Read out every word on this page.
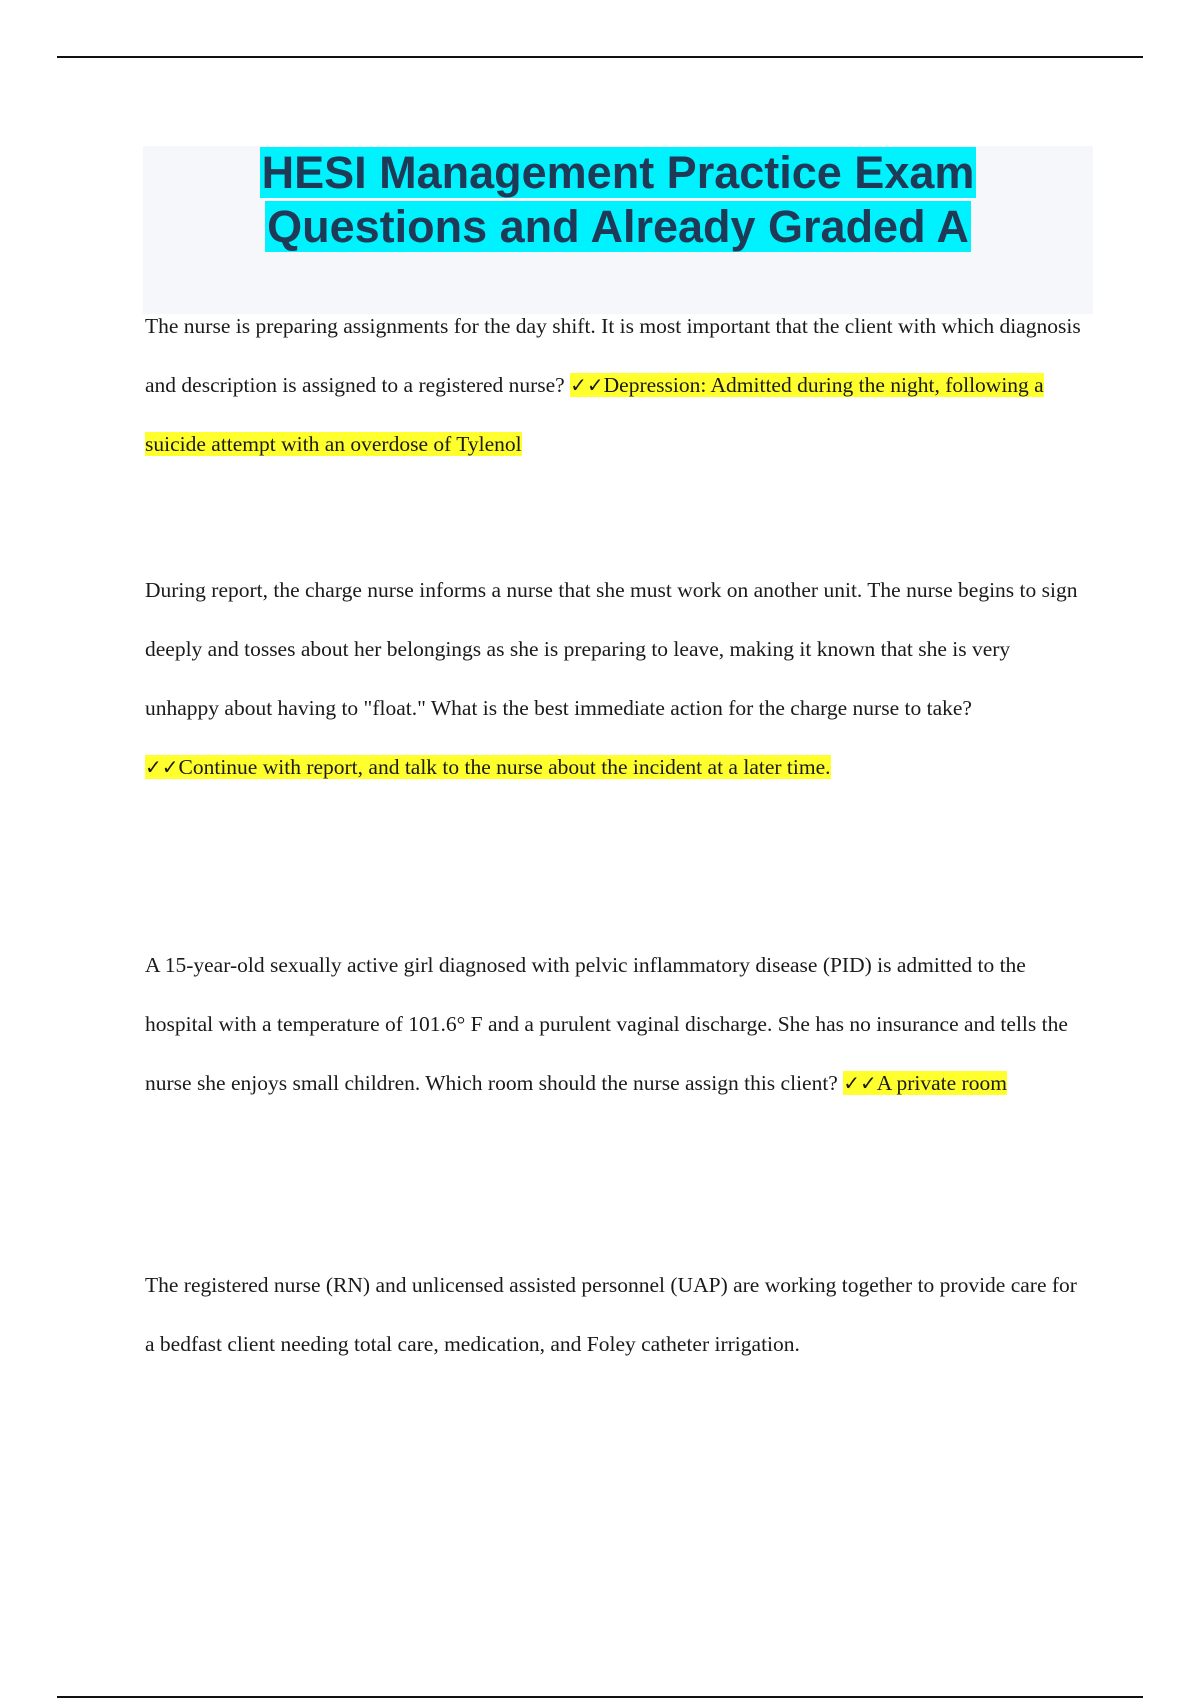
HESI Management Practice Exam
Questions and Already Graded A

The nurse is preparing assignments for the day shift. It is most important that the client with which diagnosis and description is assigned to a registered nurse? ✓✓Depression: Admitted during the night, following a suicide attempt with an overdose of Tylenol

During report, the charge nurse informs a nurse that she must work on another unit. The nurse begins to sign deeply and tosses about her belongings as she is preparing to leave, making it known that she is very unhappy about having to "float." What is the best immediate action for the charge nurse to take? ✓✓Continue with report, and talk to the nurse about the incident at a later time.

A 15-year-old sexually active girl diagnosed with pelvic inflammatory disease (PID) is admitted to the hospital with a temperature of 101.6° F and a purulent vaginal discharge. She has no insurance and tells the nurse she enjoys small children. Which room should the nurse assign this client? ✓✓A private room

The registered nurse (RN) and unlicensed assisted personnel (UAP) are working together to provide care for a bedfast client needing total care, medication, and Foley catheter irrigation.
